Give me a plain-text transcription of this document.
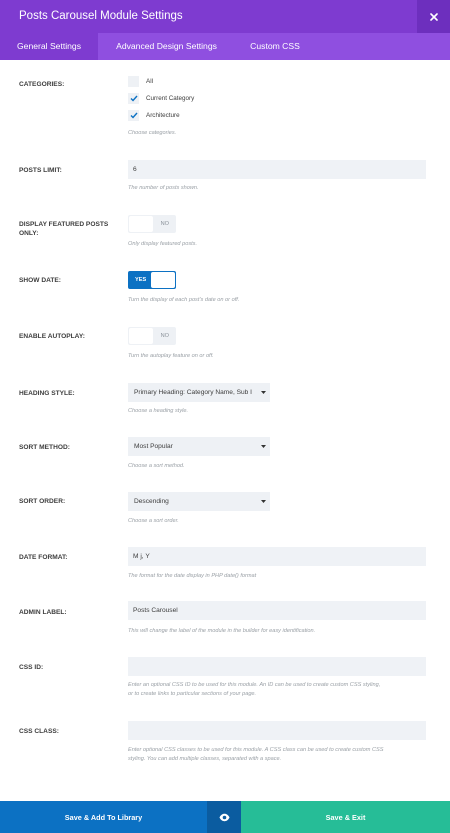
Posts Carousel Module Settings
General Settings	Advanced Design Settings	Custom CSS
CATEGORIES:	All
Current Category
Architecture
Choose categories.
POSTS LIMIT:	6
The number of posts shown.
DISPLAY FEATURED POSTS ONLY:
NO
Only display featured posts.
SHOW DATE:	YES
Turn the display of each post's date on or off.
ENABLE AUTOPLAY:	NO
Turn the autoplay feature on or off.
HEADING STYLE:	Primary Heading: Category Name, Sub I
Choose a heading style.
SORT METHOD:	Most Popular
Choose a sort method.
SORT ORDER:	Descending
Choose a sort order.
DATE FORMAT:	M j, Y
The format for the date display in PHP date() format
ADMIN LABEL:	Posts Carousel
This will change the label of the module in the builder for easy identification.
CSS ID:
Enter an optional CSS ID to be used for this module. An ID can be used to create custom CSS styling,
or to create links to particular sections of your page.
CSS CLASS:
Enter optional CSS classes to be used for this module. A CSS class can be used to create custom CSS
styling. You can add multiple classes, separated with a space.
Save & Add To Library	Save & Exit
